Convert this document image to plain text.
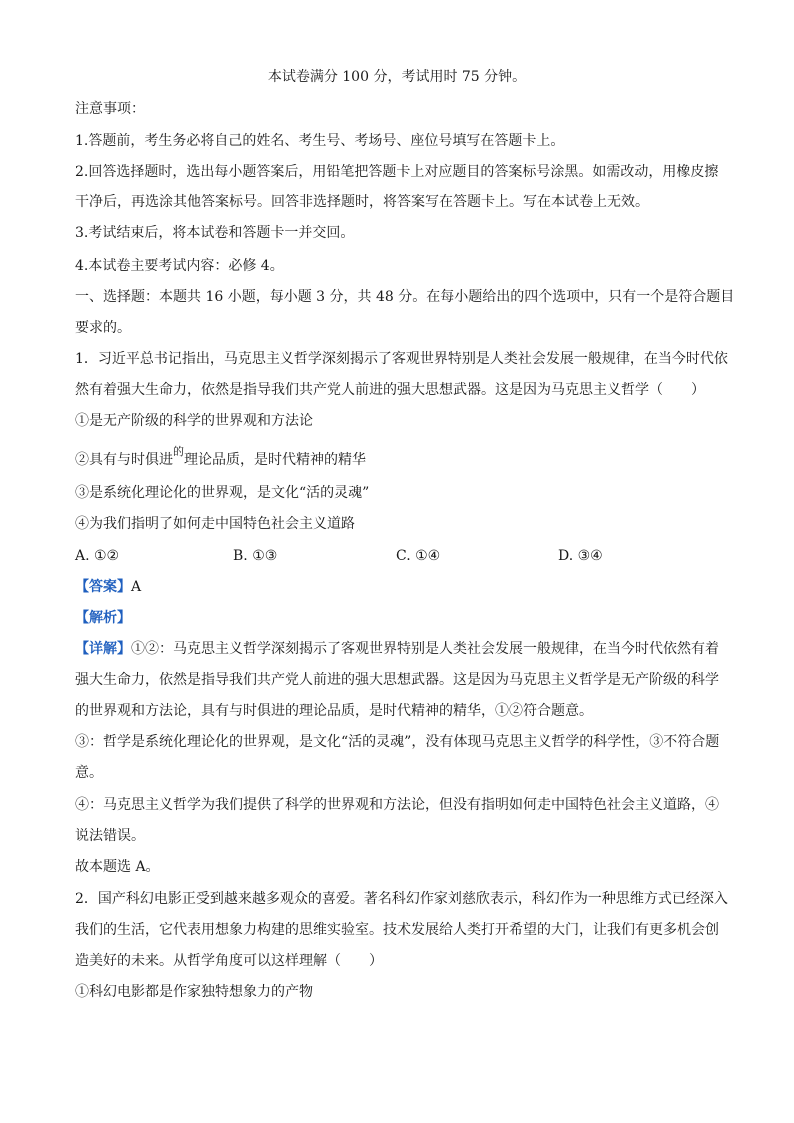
本试卷满分 100 分，考试用时 75 分钟。
注意事项：
1.答题前，考生务必将自己的姓名、考生号、考场号、座位号填写在答题卡上。
2.回答选择题时，选出每小题答案后，用铅笔把答题卡上对应题目的答案标号涂黑。如需改动，用橡皮擦
干净后，再选涂其他答案标号。回答非选择题时，将答案写在答题卡上。写在本试卷上无效。
3.考试结束后，将本试卷和答题卡一并交回。
4.本试卷主要考试内容：必修 4。
一、选择题：本题共 16 小题，每小题 3 分，共 48 分。在每小题给出的四个选项中，只有一个是符合题目
要求的。
1．习近平总书记指出，马克思主义哲学深刻揭示了客观世界特别是人类社会发展一般规律，在当今时代依
然有着强大生命力，依然是指导我们共产党人前进的强大思想武器。这是因为马克思主义哲学（　　）
①是无产阶级的科学的世界观和方法论
②具有与时俱进$^的$理论品质，是时代精神的精华
③是系统化理论化的世界观，是文化“活的灵魂”
④为我们指明了如何走中国特色社会主义道路
A. ①②	B. ①③	C. ①④	D. ③④
【答案】A
【解析】
【详解】①②：马克思主义哲学深刻揭示了客观世界特别是人类社会发展一般规律，在当今时代依然有着
强大生命力，依然是指导我们共产党人前进的强大思想武器。这是因为马克思主义哲学是无产阶级的科学
的世界观和方法论，具有与时俱进的理论品质，是时代精神的精华，①②符合题意。
③：哲学是系统化理论化的世界观，是文化“活的灵魂”，没有体现马克思主义哲学的科学性，③不符合题
意。
④：马克思主义哲学为我们提供了科学的世界观和方法论，但没有指明如何走中国特色社会主义道路，④
说法错误。
故本题选 A。
2．国产科幻电影正受到越来越多观众的喜爱。著名科幻作家刘慈欣表示，科幻作为一种思维方式已经深入
我们的生活，它代表用想象力构建的思维实验室。技术发展给人类打开希望的大门，让我们有更多机会创
造美好的未来。从哲学角度可以这样理解（　　）
①科幻电影都是作家独特想象力的产物
